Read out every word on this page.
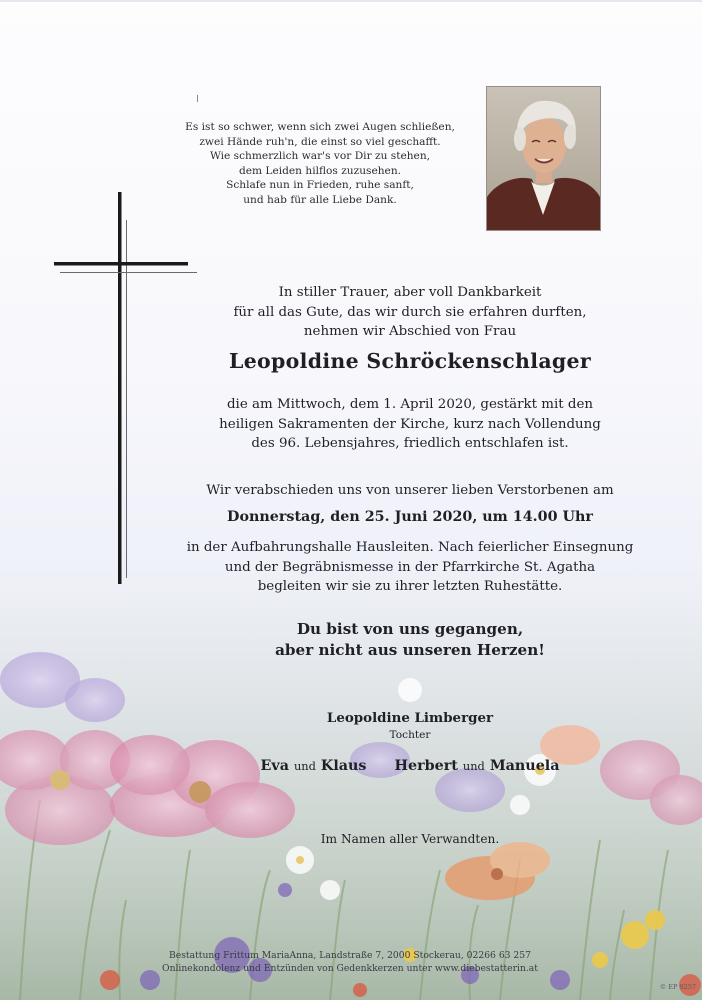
Es ist so schwer, wenn sich zwei Augen schließen,
zwei Hände ruh'n, die einst so viel geschafft.
Wie schmerzlich war's vor Dir zu stehen,
dem Leiden hilflos zuzusehen.
Schlafe nun in Frieden, ruhe sanft,
und hab für alle Liebe Dank.
In stiller Trauer, aber voll Dankbarkeit
für all das Gute, das wir durch sie erfahren durften,
nehmen wir Abschied von Frau
Leopoldine Schröckenschlager
die am Mittwoch, dem 1. April 2020, gestärkt mit den
heiligen Sakramenten der Kirche, kurz nach Vollendung
des 96. Lebensjahres, friedlich entschlafen ist.
Wir verabschieden uns von unserer lieben Verstorbenen am
Donnerstag, den 25. Juni 2020, um 14.00 Uhr
in der Aufbahrungshalle Hausleiten. Nach feierlicher Einsegnung
und der Begräbnismesse in der Pfarrkirche St. Agatha
begleiten wir sie zu ihrer letzten Ruhestätte.
Du bist von uns gegangen,
aber nicht aus unseren Herzen!
Leopoldine Limberger
Tochter
Eva und Klaus Herbert und Manuela
Im Namen aller Verwandten.
Bestattung Frittum MariaAnna, Landstraße 7, 2000 Stockerau, 02266 63 257
Onlinekondolenz und Entzünden von Gedenkkerzen unter www.diebestatterin.at
© EP 9257
